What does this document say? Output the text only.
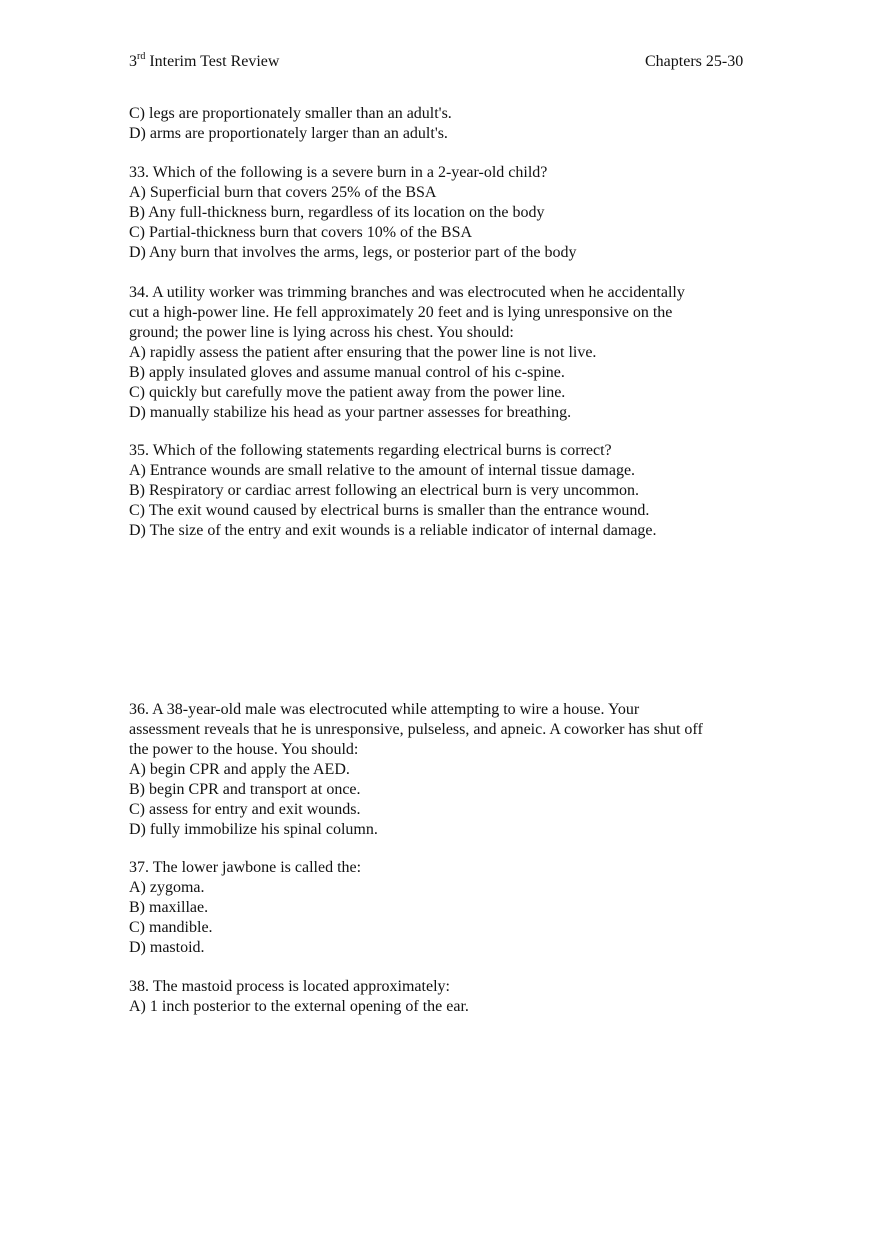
3rd Interim Test Review	Chapters 25-30
C) legs are proportionately smaller than an adult's.
D) arms are proportionately larger than an adult's.
33. Which of the following is a severe burn in a 2-year-old child?
A) Superficial burn that covers 25% of the BSA
B) Any full-thickness burn, regardless of its location on the body
C) Partial-thickness burn that covers 10% of the BSA
D) Any burn that involves the arms, legs, or posterior part of the body
34. A utility worker was trimming branches and was electrocuted when he accidentally
cut a high-power line. He fell approximately 20 feet and is lying unresponsive on the
ground; the power line is lying across his chest. You should:
A) rapidly assess the patient after ensuring that the power line is not live.
B) apply insulated gloves and assume manual control of his c-spine.
C) quickly but carefully move the patient away from the power line.
D) manually stabilize his head as your partner assesses for breathing.
35. Which of the following statements regarding electrical burns is correct?
A) Entrance wounds are small relative to the amount of internal tissue damage.
B) Respiratory or cardiac arrest following an electrical burn is very uncommon.
C) The exit wound caused by electrical burns is smaller than the entrance wound.
D) The size of the entry and exit wounds is a reliable indicator of internal damage.
36. A 38-year-old male was electrocuted while attempting to wire a house. Your
assessment reveals that he is unresponsive, pulseless, and apneic. A coworker has shut off
the power to the house. You should:
A) begin CPR and apply the AED.
B) begin CPR and transport at once.
C) assess for entry and exit wounds.
D) fully immobilize his spinal column.
37. The lower jawbone is called the:
A) zygoma.
B) maxillae.
C) mandible.
D) mastoid.
38. The mastoid process is located approximately:
A) 1 inch posterior to the external opening of the ear.
